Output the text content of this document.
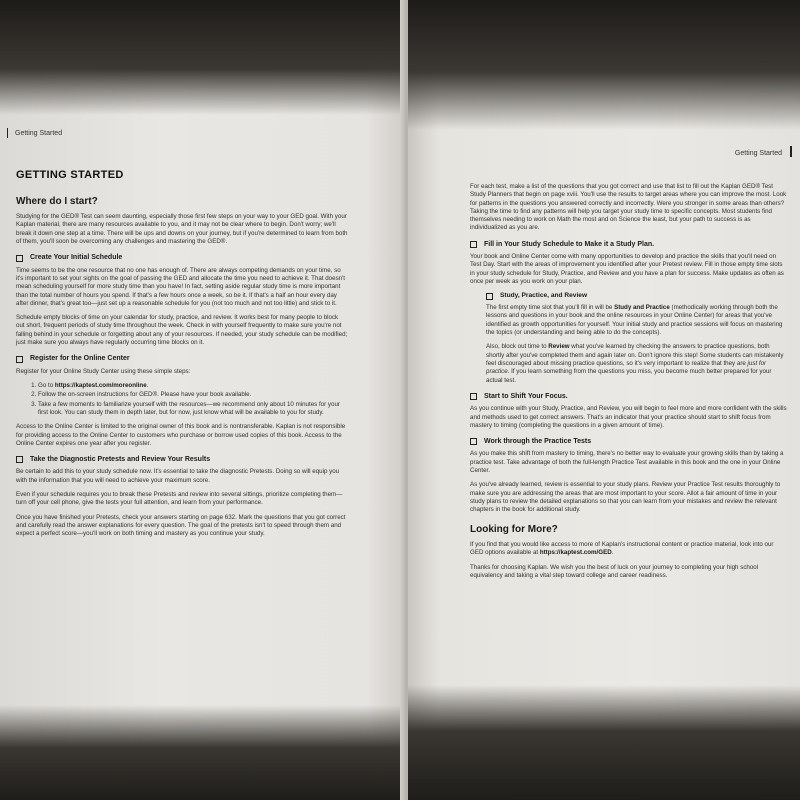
Getting Started
GETTING STARTED
Where do I start?

Studying for the GED® Test can seem daunting, especially those first few steps on your way to your GED goal. With your Kaplan material, there are many resources available to you, and it may not be clear where to begin. Don't worry; we'll break it down one step at a time. There will be ups and downs on your journey, but if you're determined to learn from both of them, you'll soon be overcoming any challenges and mastering the GED®.

Create Your Initial Schedule

Time seems to be the one resource that no one has enough of. There are always competing demands on your time, so it's important to set your sights on the goal of passing the GED and allocate the time you need to achieve it. That doesn't mean scheduling yourself for more study time than you have! In fact, setting aside regular study time is more important than the total number of hours you spend. If that's a few hours once a week, so be it. If that's a half an hour every day after dinner, that's great too—just set up a reasonable schedule for you (not too much and not too little) and stick to it.

Schedule empty blocks of time on your calendar for study, practice, and review. It works best for many people to block out short, frequent periods of study time throughout the week. Check in with yourself frequently to make sure you're not falling behind in your schedule or forgetting about any of your resources. If needed, your study schedule can be modified; just make sure you always have regularly occurring time blocks on it.

Register for the Online Center

Register for your Online Study Center using these simple steps:

1. Go to https://kaptest.com/moreonline.
2. Follow the on-screen instructions for GED®. Please have your book available.
3. Take a few moments to familiarize yourself with the resources—we recommend only about 10 minutes for your first look. You can study them in depth later, but for now, just know what will be available to you for study.

Access to the Online Center is limited to the original owner of this book and is nontransferable. Kaplan is not responsible for providing access to the Online Center to customers who purchase or borrow used copies of this book. Access to the Online Center expires one year after you register.

Take the Diagnostic Pretests and Review Your Results

Be certain to add this to your study schedule now. It's essential to take the diagnostic Pretests. Doing so will equip you with the information that you will need to achieve your maximum score.

Even if your schedule requires you to break these Pretests and review into several sittings, prioritize completing them—turn off your cell phone, give the tests your full attention, and learn from your performance.

Once you have finished your Pretests, check your answers starting on page 632. Mark the questions that you got correct and carefully read the answer explanations for every question. The goal of the pretests isn't to speed through them and expect a perfect score—you'll work on both timing and mastery as you continue your study.

Getting Started

For each test, make a list of the questions that you got correct and use that list to fill out the Kaplan GED® Test Study Planners that begin on page xviii. You'll use the results to target areas where you can improve the most. Look for patterns in the questions you answered correctly and incorrectly. Were you stronger in some areas than others? Taking the time to find any patterns will help you target your study time to specific concepts. Most students find themselves needing to work on Math the most and on Science the least, but your path to success is as individualized as you are.

Fill in Your Study Schedule to Make it a Study Plan.

Your book and Online Center come with many opportunities to develop and practice the skills that you'll need on Test Day. Start with the areas of improvement you identified after your Pretest review. Fill in those empty time slots in your study schedule for Study, Practice, and Review and you have a plan for success. Make updates as often as once per week as you work on your plan.

Study, Practice, and Review

The first empty time slot that you'll fill in will be Study and Practice (methodically working through both the lessons and questions in your book and the online resources in your Online Center) for areas that you've identified as growth opportunities for yourself. Your initial study and practice sessions will focus on mastering the topics (or understanding and being able to do the concepts).

Also, block out time to Review what you've learned by checking the answers to practice questions, both shortly after you've completed them and again later on. Don't ignore this step! Some students can mistakenly feel discouraged about missing practice questions, so it's very important to realize that they are just for practice. If you learn something from the questions you miss, you become much better prepared for your actual test.

Start to Shift Your Focus.

As you continue with your Study, Practice, and Review, you will begin to feel more and more confident with the skills and methods used to get correct answers. That's an indicator that your practice should start to shift focus from mastery to timing (completing the questions in a given amount of time).

Work through the Practice Tests

As you make this shift from mastery to timing, there's no better way to evaluate your growing skills than by taking a practice test. Take advantage of both the full-length Practice Test available in this book and the one in your Online Center.

As you've already learned, review is essential to your study plans. Review your Practice Test results thoroughly to make sure you are addressing the areas that are most important to your score. Allot a fair amount of time in your study plans to review the detailed explanations so that you can learn from your mistakes and review the relevant chapters in the book for additional study.

Looking for More?

If you find that you would like access to more of Kaplan's instructional content or practice material, look into our GED options available at https://kaptest.com/GED.

Thanks for choosing Kaplan. We wish you the best of luck on your journey to completing your high school equivalency and taking a vital step toward college and career readiness.
